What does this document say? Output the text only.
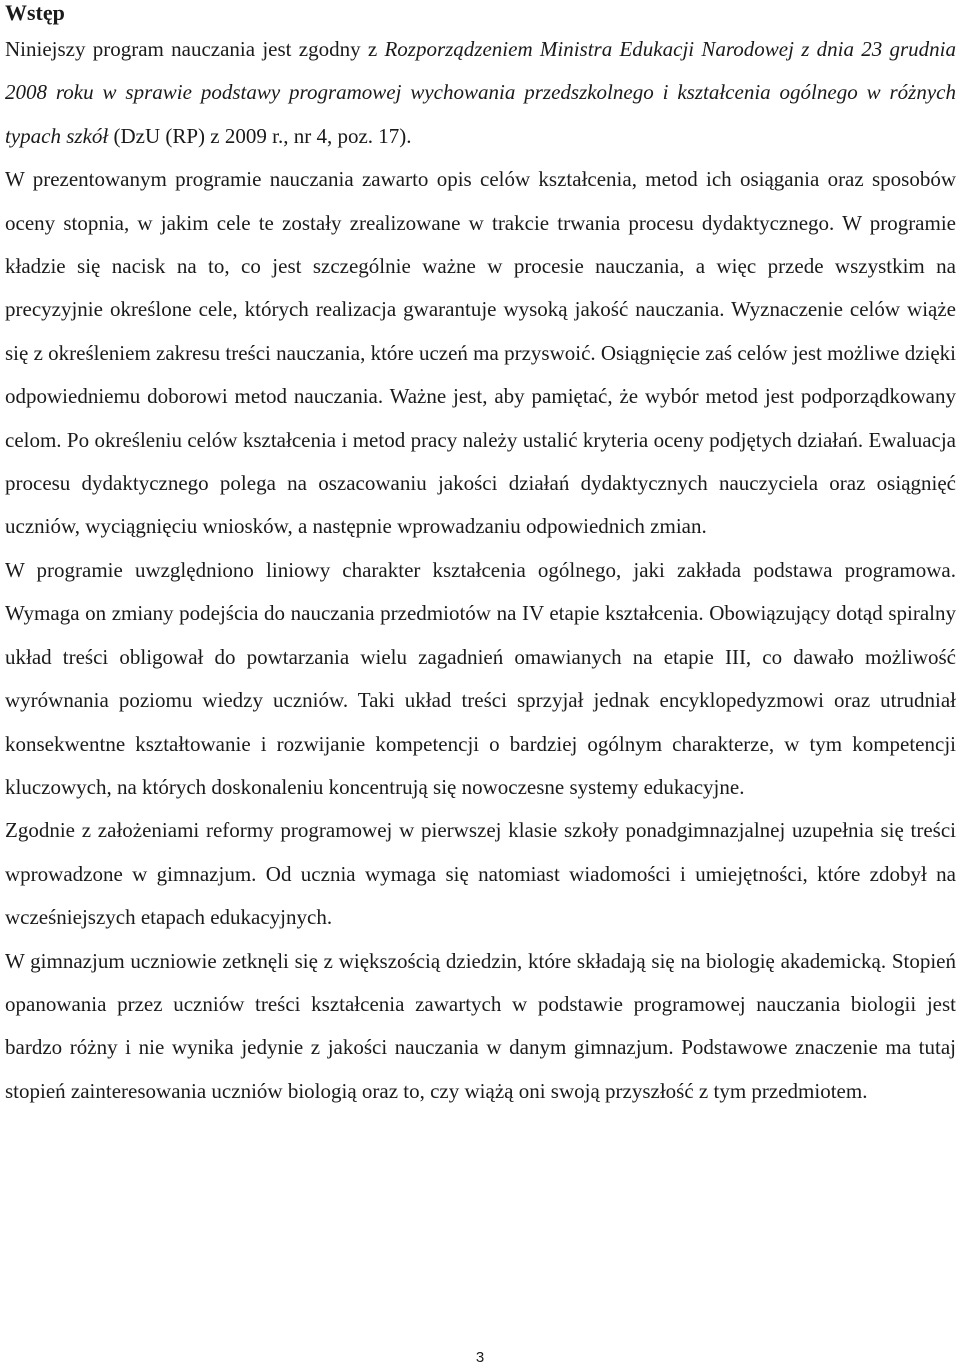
Wstęp

Niniejszy program nauczania jest zgodny z Rozporządzeniem Ministra Edukacji Narodowej z dnia 23 grudnia 2008 roku w sprawie podstawy programowej wychowania przedszkolnego i kształcenia ogólnego w różnych typach szkół (DzU (RP) z 2009 r., nr 4, poz. 17).

W prezentowanym programie nauczania zawarto opis celów kształcenia, metod ich osiągania oraz sposobów oceny stopnia, w jakim cele te zostały zrealizowane w trakcie trwania procesu dydaktycznego. W programie kładzie się nacisk na to, co jest szczególnie ważne w procesie nauczania, a więc przede wszystkim na precyzyjnie określone cele, których realizacja gwarantuje wysoką jakość nauczania. Wyznaczenie celów wiąże się z określeniem zakresu treści nauczania, które uczeń ma przyswoić. Osiągnięcie zaś celów jest możliwe dzięki odpowiedniemu doborowi metod nauczania. Ważne jest, aby pamiętać, że wybór metod jest podporządkowany celom. Po określeniu celów kształcenia i metod pracy należy ustalić kryteria oceny podjętych działań. Ewaluacja procesu dydaktycznego polega na oszacowaniu jakości działań dydaktycznych nauczyciela oraz osiągnięć uczniów, wyciągnięciu wniosków, a następnie wprowadzaniu odpowiednich zmian.

W programie uwzględniono liniowy charakter kształcenia ogólnego, jaki zakłada podstawa programowa. Wymaga on zmiany podejścia do nauczania przedmiotów na IV etapie kształcenia. Obowiązujący dotąd spiralny układ treści obligował do powtarzania wielu zagadnień omawianych na etapie III, co dawało możliwość wyrównania poziomu wiedzy uczniów. Taki układ treści sprzyjał jednak encyklopedyzmowi oraz utrudniał konsekwentne kształtowanie i rozwijanie kompetencji o bardziej ogólnym charakterze, w tym kompetencji kluczowych, na których doskonaleniu koncentrują się nowoczesne systemy edukacyjne.

Zgodnie z założeniami reformy programowej w pierwszej klasie szkoły ponadgimnazjalnej uzupełnia się treści wprowadzone w gimnazjum. Od ucznia wymaga się natomiast wiadomości i umiejętności, które zdobył na wcześniejszych etapach edukacyjnych.

W gimnazjum uczniowie zetknęli się z większością dziedzin, które składają się na biologię akademicką. Stopień opanowania przez uczniów treści kształcenia zawartych w podstawie programowej nauczania biologii jest bardzo różny i nie wynika jedynie z jakości nauczania w danym gimnazjum. Podstawowe znaczenie ma tutaj stopień zainteresowania uczniów biologią oraz to, czy wiążą oni swoją przyszłość z tym przedmiotem.

3
